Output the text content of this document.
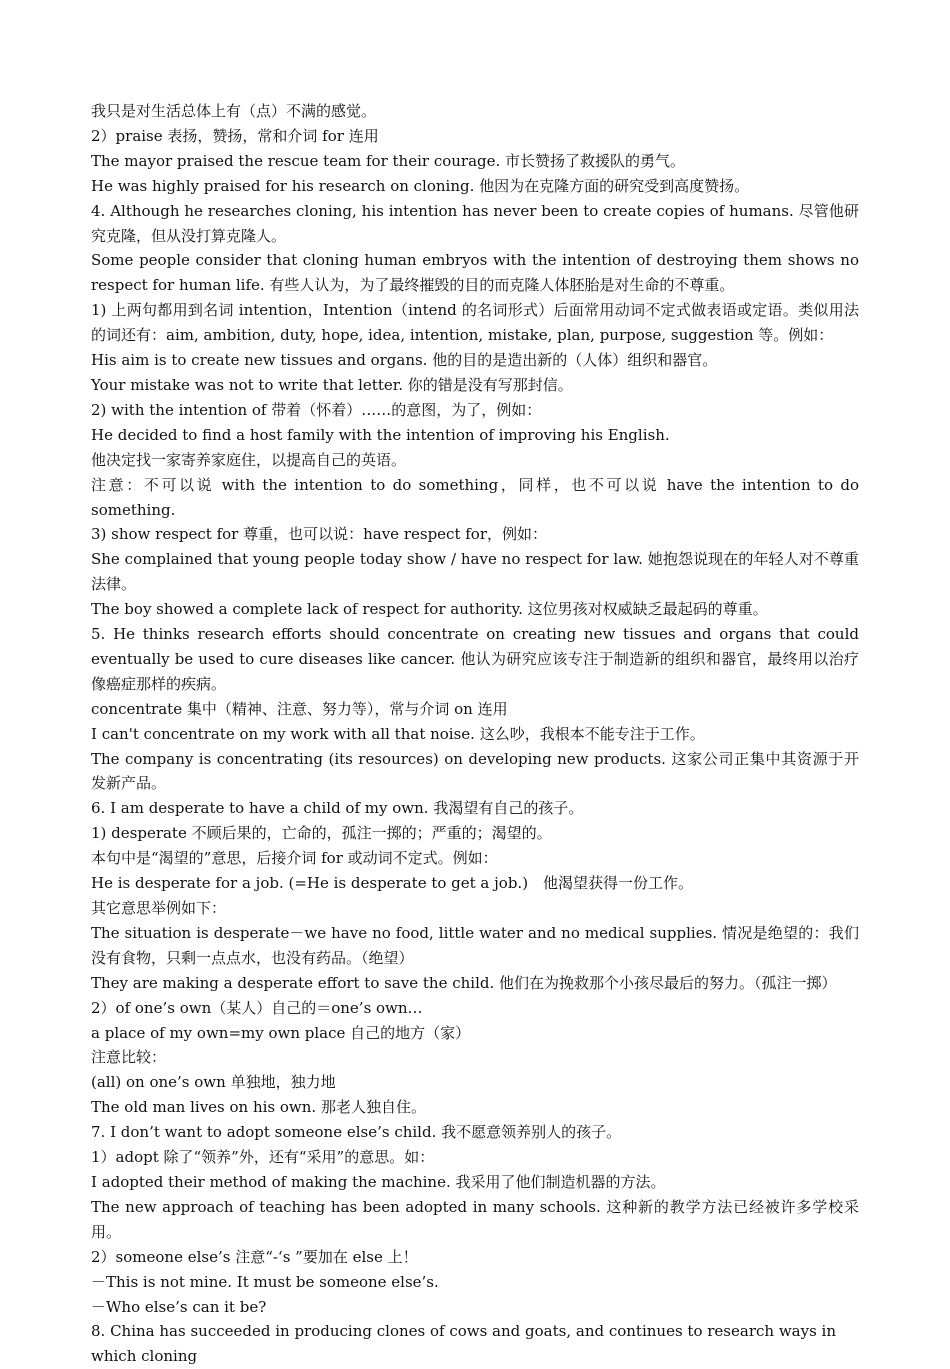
我只是对生活总体上有（点）不满的感觉。

2）praise 表扬，赞扬，常和介词 for 连用

The mayor praised the rescue team for their courage. 市长赞扬了救援队的勇气。

He was highly praised for his research on cloning. 他因为在克隆方面的研究受到高度赞扬。

4. Although he researches cloning, his intention has never been to create copies of humans. 尽管他研究克隆，但从没打算克隆人。

Some people consider that cloning human embryos with the intention of destroying them shows no respect for human life. 有些人认为，为了最终摧毁的目的而克隆人体胚胎是对生命的不尊重。

1) 上两句都用到名词 intention，Intention（intend 的名词形式）后面常用动词不定式做表语或定语。类似用法的词还有：aim, ambition, duty, hope, idea, intention, mistake, plan, purpose, suggestion 等。例如：

His aim is to create new tissues and organs. 他的目的是造出新的（人体）组织和器官。

Your mistake was not to write that letter. 你的错是没有写那封信。

2) with the intention of 带着（怀着）……的意图，为了，例如：

He decided to find a host family with the intention of improving his English.

他决定找一家寄养家庭住，以提高自己的英语。

注意：不可以说 with the intention to do something，同样，也不可以说 have the intention to do something.

3) show respect for 尊重，也可以说：have respect for，例如：

She complained that young people today show / have no respect for law. 她抱怨说现在的年轻人对不尊重法律。

The boy showed a complete lack of respect for authority. 这位男孩对权威缺乏最起码的尊重。

5. He thinks research efforts should concentrate on creating new tissues and organs that could eventually be used to cure diseases like cancer. 他认为研究应该专注于制造新的组织和器官，最终用以治疗像癌症那样的疾病。

concentrate 集中（精神、注意、努力等），常与介词 on 连用

I can't concentrate on my work with all that noise. 这么吵，我根本不能专注于工作。

The company is concentrating (its resources) on developing new products. 这家公司正集中其资源于开发新产品。

6. I am desperate to have a child of my own. 我渴望有自己的孩子。

1) desperate 不顾后果的，亡命的，孤注一掷的；严重的；渴望的。

本句中是“渴望的”意思，后接介词 for 或动词不定式。例如：

He is desperate for a job. (=He is desperate to get a job.)　他渴望获得一份工作。

其它意思举例如下：

The situation is desperate－we have no food, little water and no medical supplies. 情况是绝望的：我们没有食物，只剩一点点水，也没有药品。（绝望）

They are making a desperate effort to save the child. 他们在为挽救那个小孩尽最后的努力。（孤注一掷）

2）of one’s own（某人）自己的＝one’s own…

a place of my own=my own place 自己的地方（家）

注意比较：

(all) on one’s own 单独地，独力地

The old man lives on his own. 那老人独自住。

7. I don’t want to adopt someone else’s child. 我不愿意领养别人的孩子。

1）adopt 除了“领养”外，还有“采用”的意思。如：

I adopted their method of making the machine. 我采用了他们制造机器的方法。

The new approach of teaching has been adopted in many schools. 这种新的教学方法已经被许多学校采用。

2）someone else’s 注意“-‘s ”要加在 else 上！

－This is not mine. It must be someone else’s.

－Who else’s can it be?

8. China has succeeded in producing clones of cows and goats, and continues to research ways in which cloning
